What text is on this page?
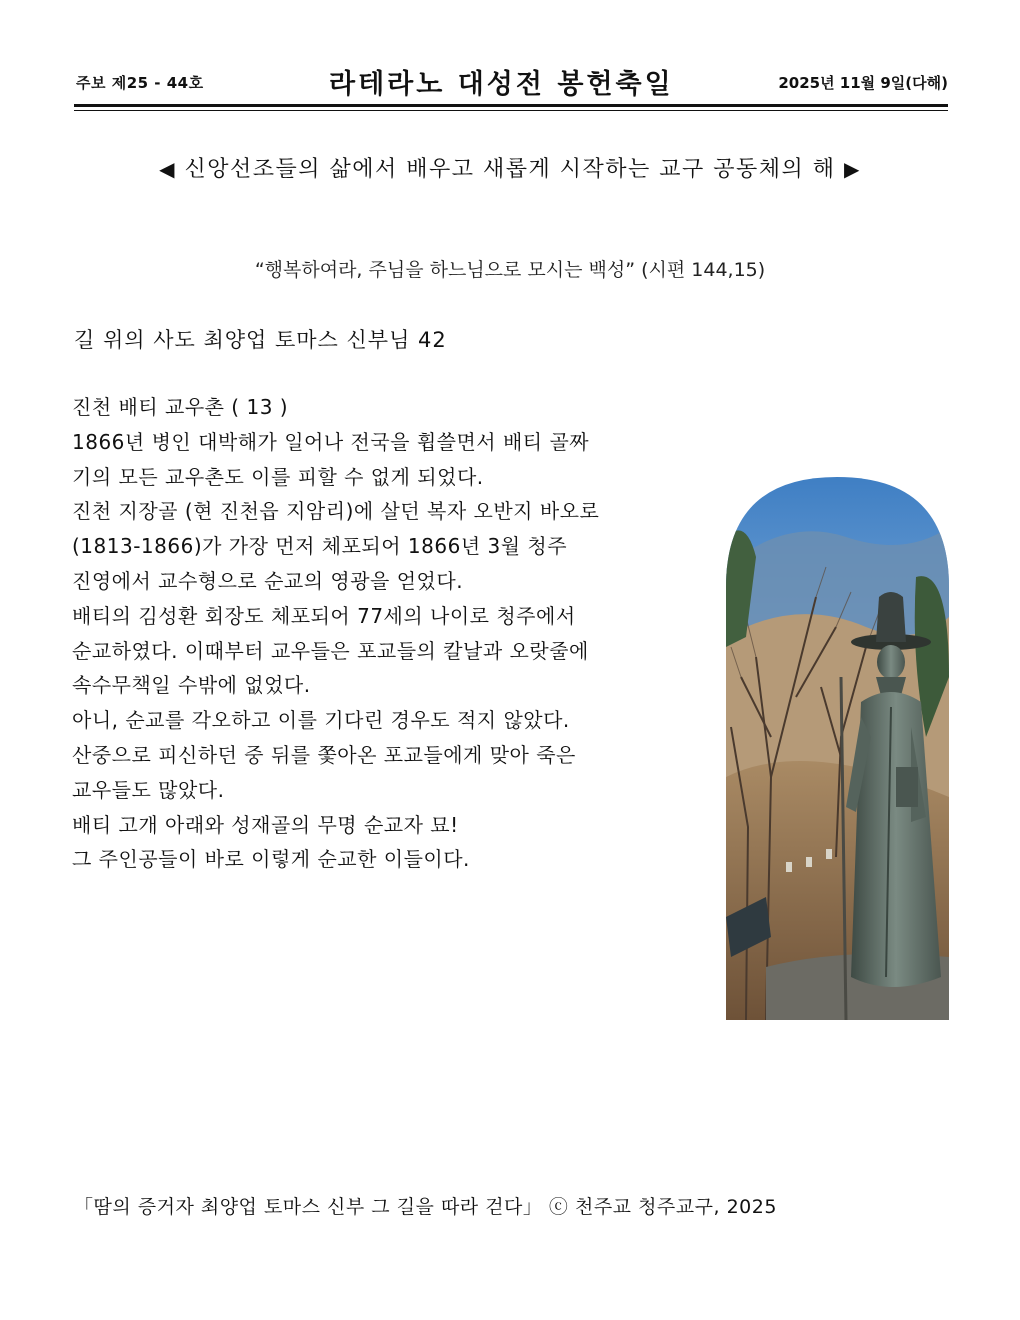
주보 제25 - 44호	라테라노 대성전 봉헌축일	2025년 11월 9일(다해)
◀ 신앙선조들의 삶에서 배우고 새롭게 시작하는 교구 공동체의 해 ▶
“행복하여라, 주님을 하느님으로 모시는 백성” (시편 144,15)
길 위의 사도 최양업 토마스 신부님 42
진천 배티 교우촌 ( 13 )
1866년 병인 대박해가 일어나 전국을 휩쓸면서 배티 골짜
기의 모든 교우촌도 이를 피할 수 없게 되었다.
진천 지장골 (현 진천읍 지암리)에 살던 복자 오반지 바오로
(1813-1866)가 가장 먼저 체포되어 1866년 3월 청주
진영에서 교수형으로 순교의 영광을 얻었다.
배티의 김성환 회장도 체포되어 77세의 나이로 청주에서
순교하였다. 이때부터 교우들은 포교들의 칼날과 오랏줄에
속수무책일 수밖에 없었다.
아니, 순교를 각오하고 이를 기다린 경우도 적지 않았다.
산중으로 피신하던 중 뒤를 쫓아온 포교들에게 맞아 죽은
교우들도 많았다.
배티 고개 아래와 성재골의 무명 순교자 묘!
그 주인공들이 바로 이렇게 순교한 이들이다.
「땀의 증거자 최양업 토마스 신부 그 길을 따라 걷다」 ⓒ 천주교 청주교구, 2025
